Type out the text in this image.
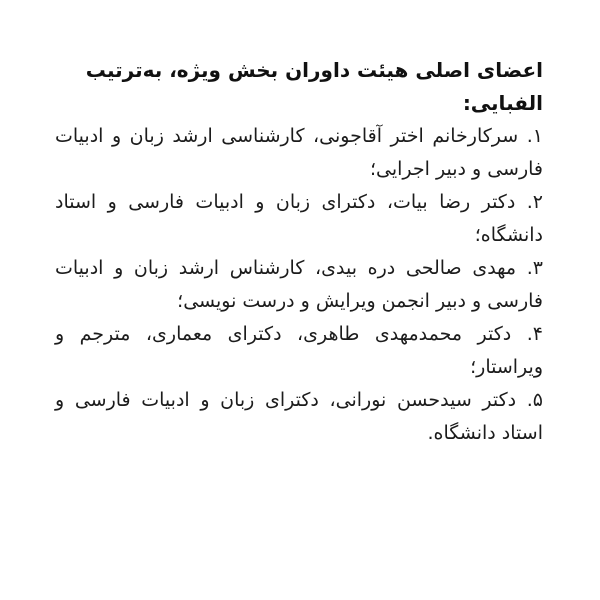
اعضای اصلی هیئت داوران بخش ویژه، به‌ترتیب الفبایی:

۱. سرکارخانم اختر آقاجونی، کارشناسی ارشد زبان و ادبیات فارسی و دبیر اجرایی؛

۲. دکتر رضا بیات، دکترای زبان و ادبیات فارسی و استاد دانشگاه؛

۳. مهدی صالحی دره بیدی، کارشناس ارشد زبان و ادبیات فارسی و دبیر انجمن ویرایش و درست نویسی؛

۴. دکتر محمدمهدی طاهری، دکترای معماری، مترجم و ویراستار؛

۵. دکتر سیدحسن نورانی، دکترای زبان و ادبیات فارسی و استاد دانشگاه.
